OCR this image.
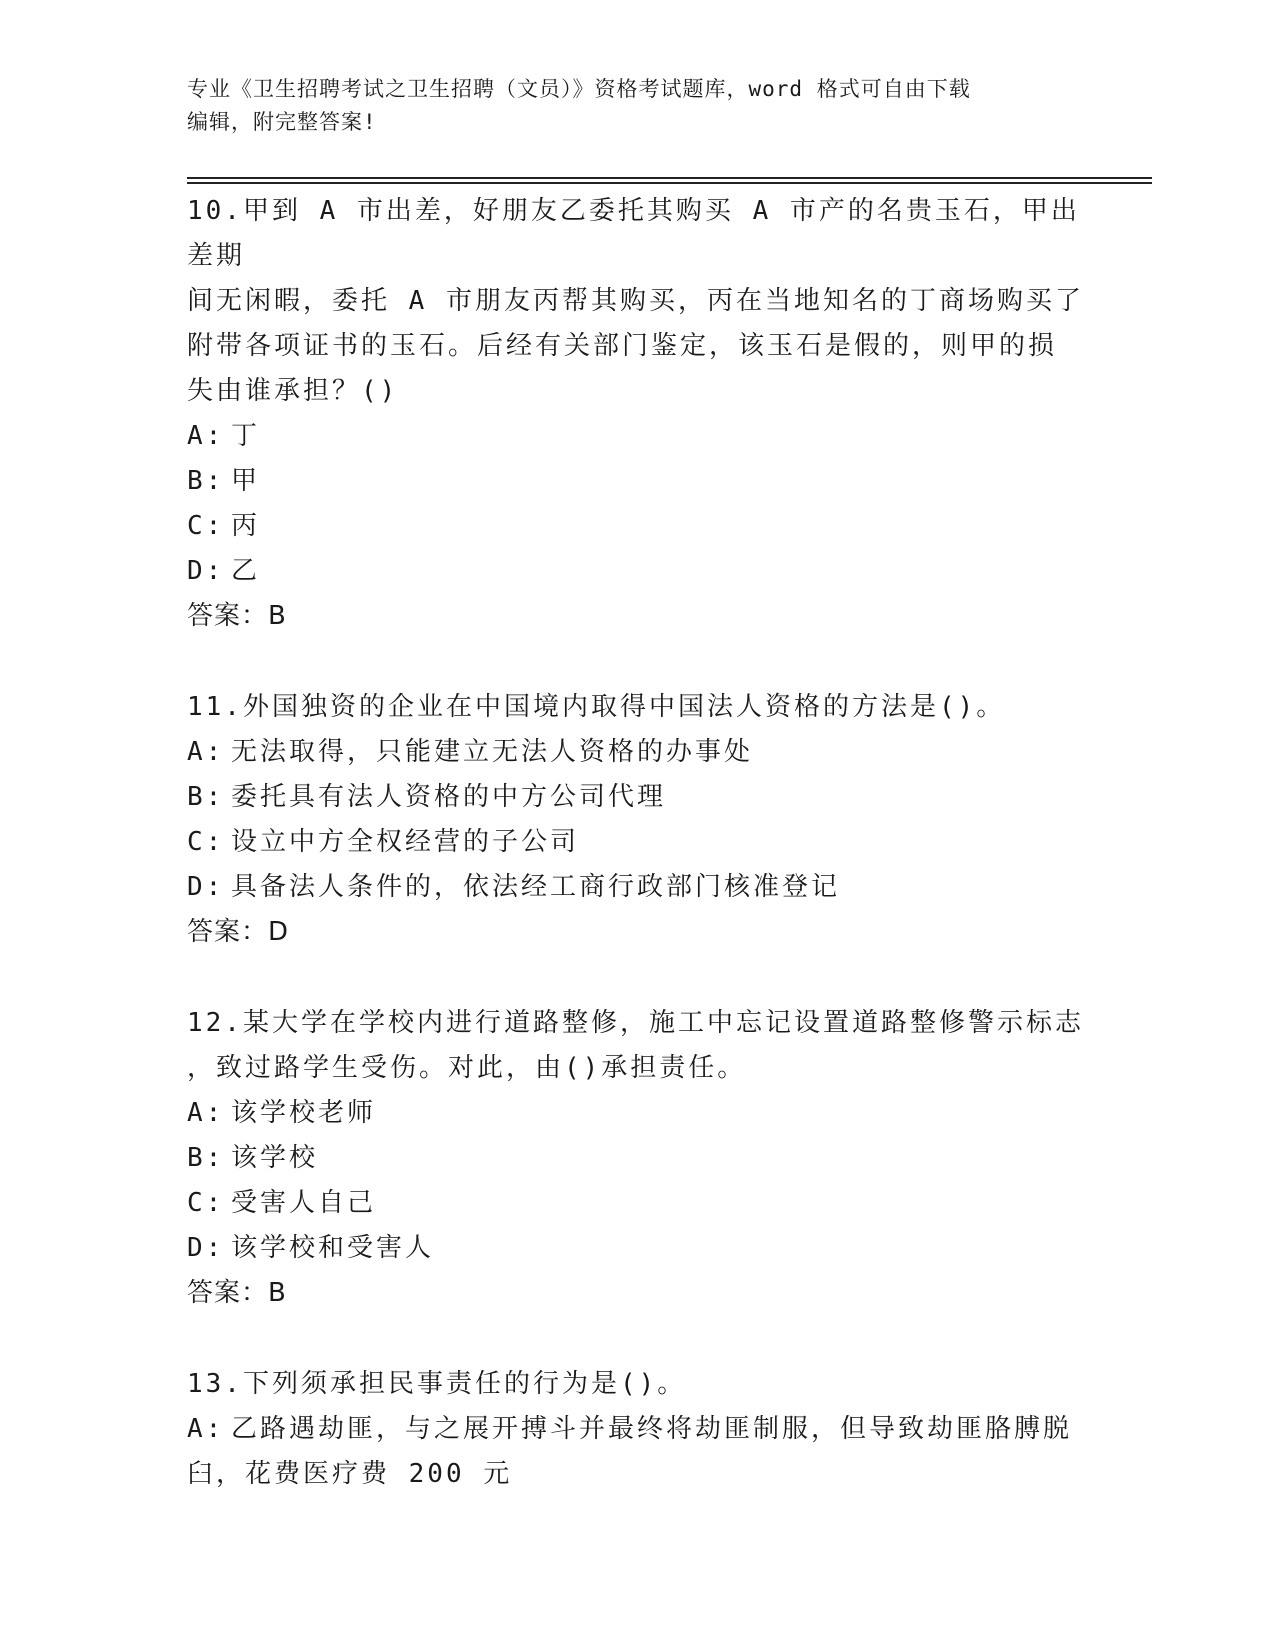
专业《卫生招聘考试之卫生招聘（文员）》资格考试题库，word 格式可自由下载
编辑，附完整答案!

10.甲到 A 市出差，好朋友乙委托其购买 A 市产的名贵玉石，甲出差期
间无闲暇，委托 A 市朋友丙帮其购买，丙在当地知名的丁商场购买了
附带各项证书的玉石。后经有关部门鉴定，该玉石是假的，则甲的损
失由谁承担？()

A: 丁

B: 甲

C: 丙

D: 乙

答案：B

11.外国独资的企业在中国境内取得中国法人资格的方法是()。

A: 无法取得，只能建立无法人资格的办事处

B: 委托具有法人资格的中方公司代理

C: 设立中方全权经营的子公司

D: 具备法人条件的，依法经工商行政部门核准登记

答案：D

12.某大学在学校内进行道路整修，施工中忘记设置道路整修警示标志
，致过路学生受伤。对此，由()承担责任。

A: 该学校老师

B: 该学校

C: 受害人自己

D: 该学校和受害人

答案：B

13.下列须承担民事责任的行为是()。

A: 乙路遇劫匪，与之展开搏斗并最终将劫匪制服，但导致劫匪胳膊脱
臼，花费医疗费 200 元
